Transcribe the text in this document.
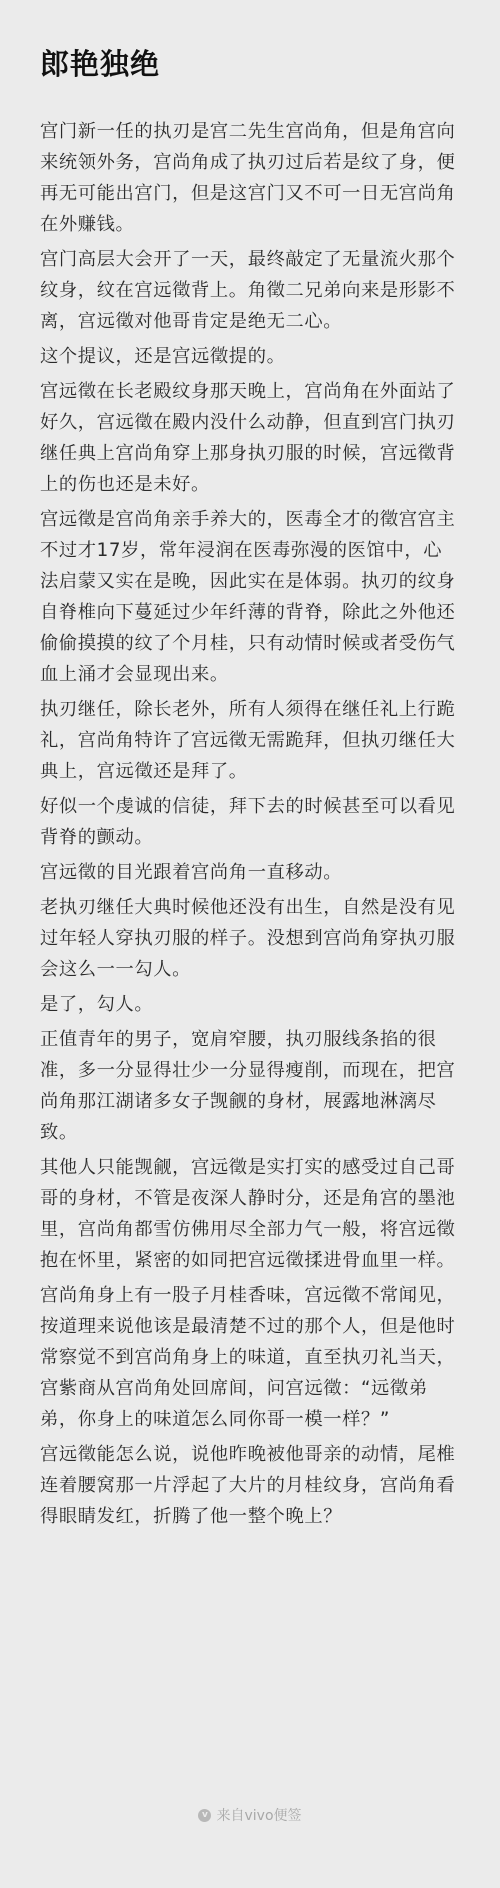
郎艳独绝

宫门新一任的执刃是宫二先生宫尚角，但是角宫向来统领外务，宫尚角成了执刃过后若是纹了身，便再无可能出宫门，但是这宫门又不可一日无宫尚角在外赚钱。

宫门高层大会开了一天，最终敲定了无量流火那个纹身，纹在宫远徵背上。角徵二兄弟向来是形影不离，宫远徵对他哥肯定是绝无二心。

这个提议，还是宫远徵提的。

宫远徵在长老殿纹身那天晚上，宫尚角在外面站了好久，宫远徵在殿内没什么动静，但直到宫门执刃继任典上宫尚角穿上那身执刃服的时候，宫远徵背上的伤也还是未好。

宫远徵是宫尚角亲手养大的，医毒全才的徵宫宫主不过才17岁，常年浸润在医毒弥漫的医馆中，心法启蒙又实在是晚，因此实在是体弱。执刃的纹身自脊椎向下蔓延过少年纤薄的背脊，除此之外他还偷偷摸摸的纹了个月桂，只有动情时候或者受伤气血上涌才会显现出来。

执刃继任，除长老外，所有人须得在继任礼上行跪礼，宫尚角特许了宫远徵无需跪拜，但执刃继任大典上，宫远徵还是拜了。

好似一个虔诚的信徒，拜下去的时候甚至可以看见背脊的颤动。

宫远徵的目光跟着宫尚角一直移动。

老执刃继任大典时候他还没有出生，自然是没有见过年轻人穿执刃服的样子。没想到宫尚角穿执刃服会这么一一勾人。

是了，勾人。

正值青年的男子，宽肩窄腰，执刃服线条掐的很准，多一分显得壮少一分显得瘦削，而现在，把宫尚角那江湖诸多女子觊觎的身材，展露地淋漓尽致。

其他人只能觊觎，宫远徵是实打实的感受过自己哥哥的身材，不管是夜深人静时分，还是角宫的墨池里，宫尚角都雪仿佛用尽全部力气一般，将宫远徵抱在怀里，紧密的如同把宫远徵揉进骨血里一样。

宫尚角身上有一股子月桂香味，宫远徵不常闻见，按道理来说他该是最清楚不过的那个人，但是他时常察觉不到宫尚角身上的味道，直至执刃礼当天，宫紫商从宫尚角处回席间，问宫远徵：“远徵弟弟，你身上的味道怎么同你哥一模一样？”

宫远徵能怎么说，说他昨晚被他哥亲的动情，尾椎连着腰窝那一片浮起了大片的月桂纹身，宫尚角看得眼睛发红，折腾了他一整个晚上？

v 来自vivo便签
